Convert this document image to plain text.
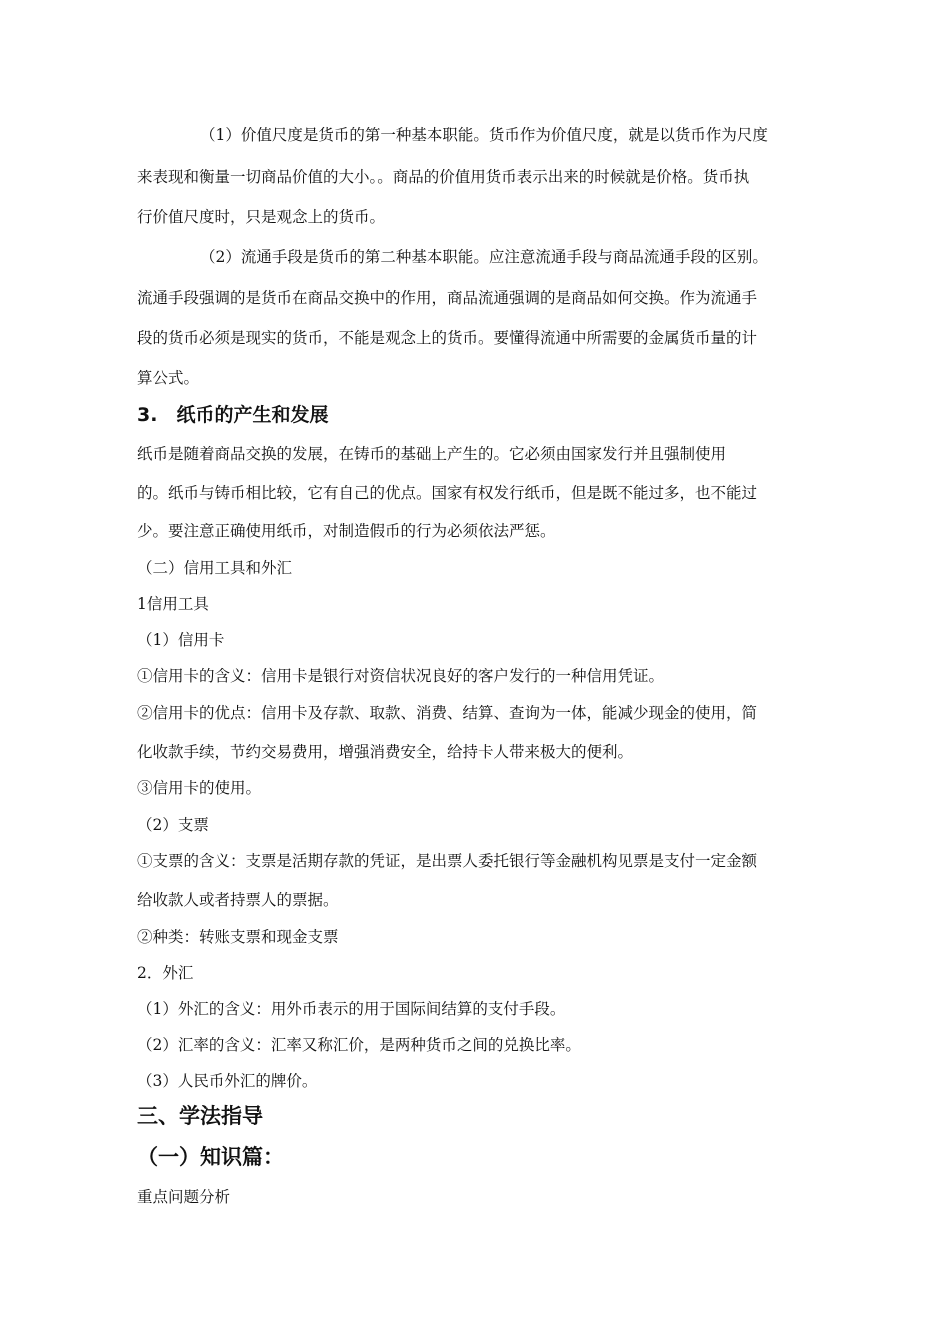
（1）价值尺度是货币的第一种基本职能。货币作为价值尺度，就是以货币作为尺度
来表现和衡量一切商品价值的大小。。商品的价值用货币表示出来的时候就是价格。货币执
行价值尺度时，只是观念上的货币。
（2）流通手段是货币的第二种基本职能。应注意流通手段与商品流通手段的区别。
流通手段强调的是货币在商品交换中的作用，商品流通强调的是商品如何交换。作为流通手
段的货币必须是现实的货币，不能是观念上的货币。要懂得流通中所需要的金属货币量的计
算公式。
3.　纸币的产生和发展
纸币是随着商品交换的发展，在铸币的基础上产生的。它必须由国家发行并且强制使用
的。纸币与铸币相比较，它有自己的优点。国家有权发行纸币，但是既不能过多，也不能过
少。要注意正确使用纸币，对制造假币的行为必须依法严惩。
（二）信用工具和外汇
1信用工具
（1）信用卡
①信用卡的含义：信用卡是银行对资信状况良好的客户发行的一种信用凭证。
②信用卡的优点：信用卡及存款、取款、消费、结算、查询为一体，能减少现金的使用，简
化收款手续，节约交易费用，增强消费安全，给持卡人带来极大的便利。
③信用卡的使用。
（2）支票
①支票的含义：支票是活期存款的凭证，是出票人委托银行等金融机构见票是支付一定金额
给收款人或者持票人的票据。
②种类：转账支票和现金支票
2．外汇
（1）外汇的含义：用外币表示的用于国际间结算的支付手段。
（2）汇率的含义：汇率又称汇价，是两种货币之间的兑换比率。
（3）人民币外汇的牌价。
三、学法指导
（一）知识篇：
重点问题分析
